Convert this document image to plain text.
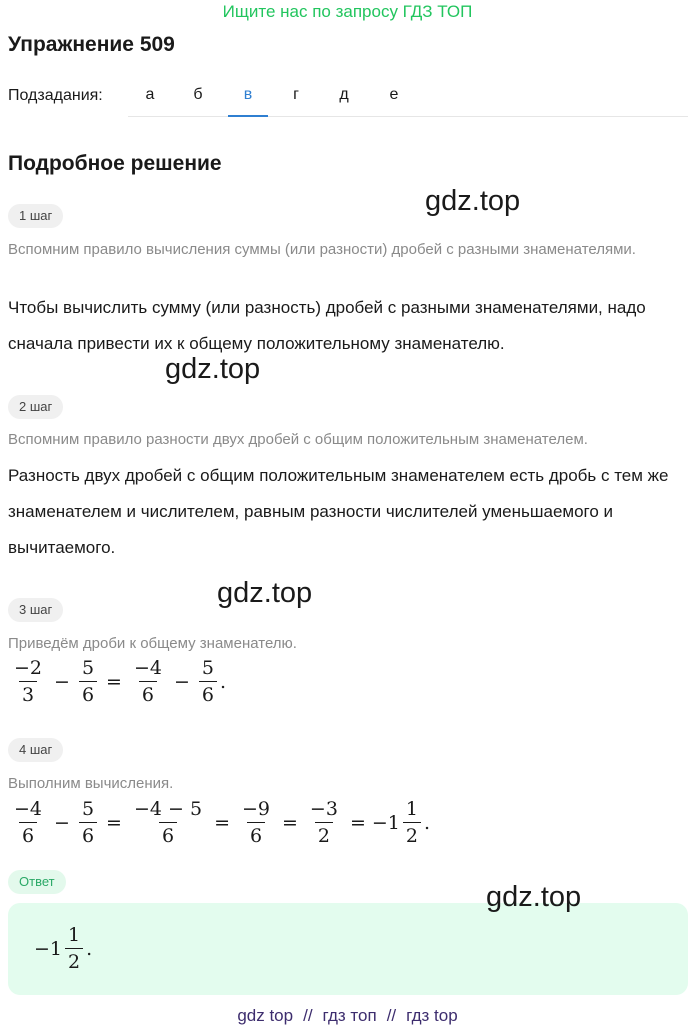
Ищите нас по запросу ГДЗ ТОП
Упражнение 509
Подзадания:	а	б	в	г	д	е
Подробное решение
gdz.top
1 шаг
Вспомним правило вычисления суммы (или разности) дробей с разными знаменателями.
Чтобы вычислить сумму (или разность) дробей с разными знаменателями, надо сначала привести их к общему положительному знаменателю.
gdz.top
2 шаг
Вспомним правило разности двух дробей с общим положительным знаменателем.
Разность двух дробей с общим положительным знаменателем есть дробь с тем же знаменателем и числителем, равным разности числителей уменьшаемого и вычитаемого.
gdz.top
3 шаг
Приведём дроби к общему знаменателю.
$\frac{-2}{3} - \frac{5}{6} = \frac{-4}{6} - \frac{5}{6}$ .
4 шаг
Выполним вычисления.
$\frac{-4}{6} - \frac{5}{6} = \frac{-4 - 5}{6} = \frac{-9}{6} = \frac{-3}{2} = -1 \frac{1}{2}$ .
Ответ
$-1 \frac{1}{2}$ .
gdz.top
gdz top // гдз топ // гдз top
